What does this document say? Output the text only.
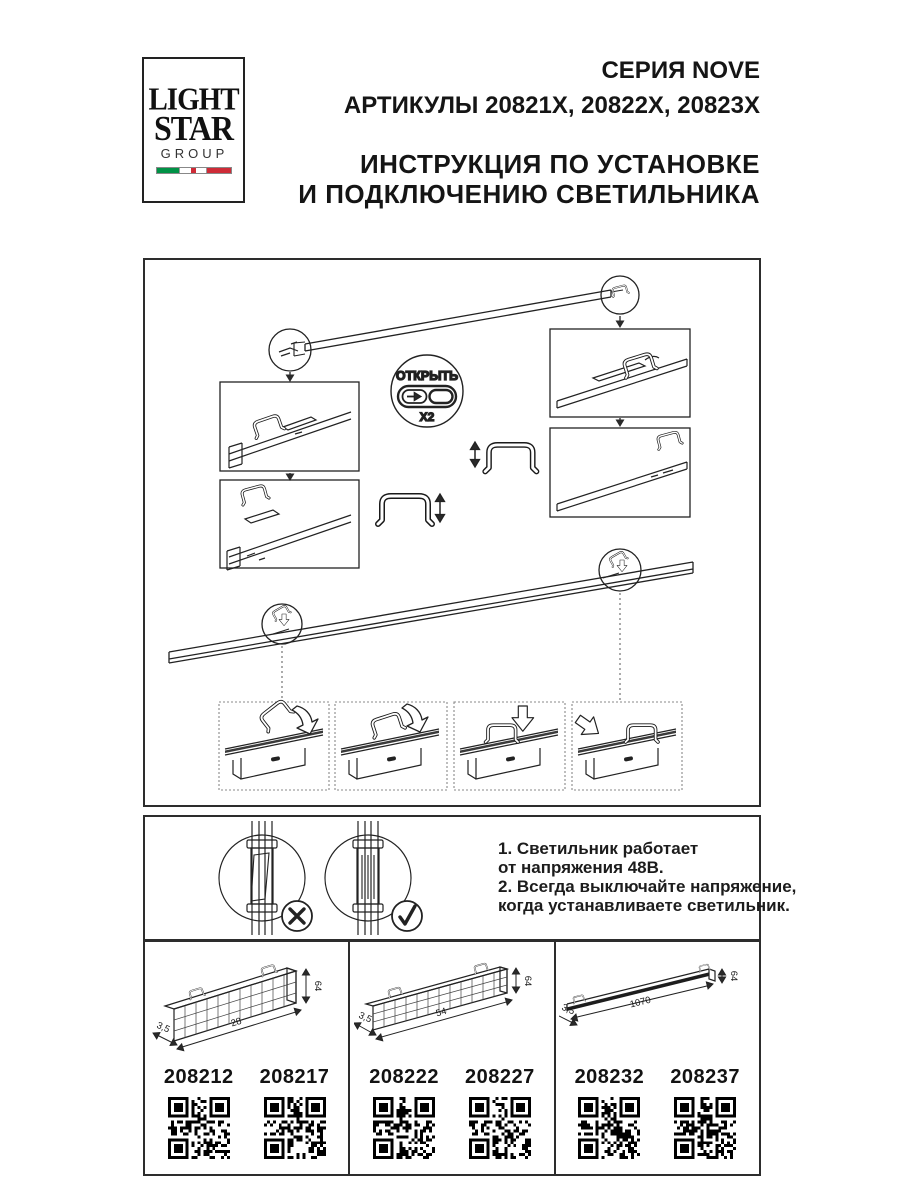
LIGHT
STAR
GROUP
СЕРИЯ NOVE
АРТИКУЛЫ 20821X, 20822X, 20823X
ИНСТРУКЦИЯ ПО УСТАНОВКЕ
И ПОДКЛЮЧЕНИЮ СВЕТИЛЬНИКА
ОТКРЫТЬ
X2
1. Светильник работает
от напряжения 48В.
2. Всегда выключайте напряжение,
когда устанавливаете светильник.
64
28
3,5
208212 208217
64
54
3,5
208222 208227
64
1070
3,5
208232 208237
